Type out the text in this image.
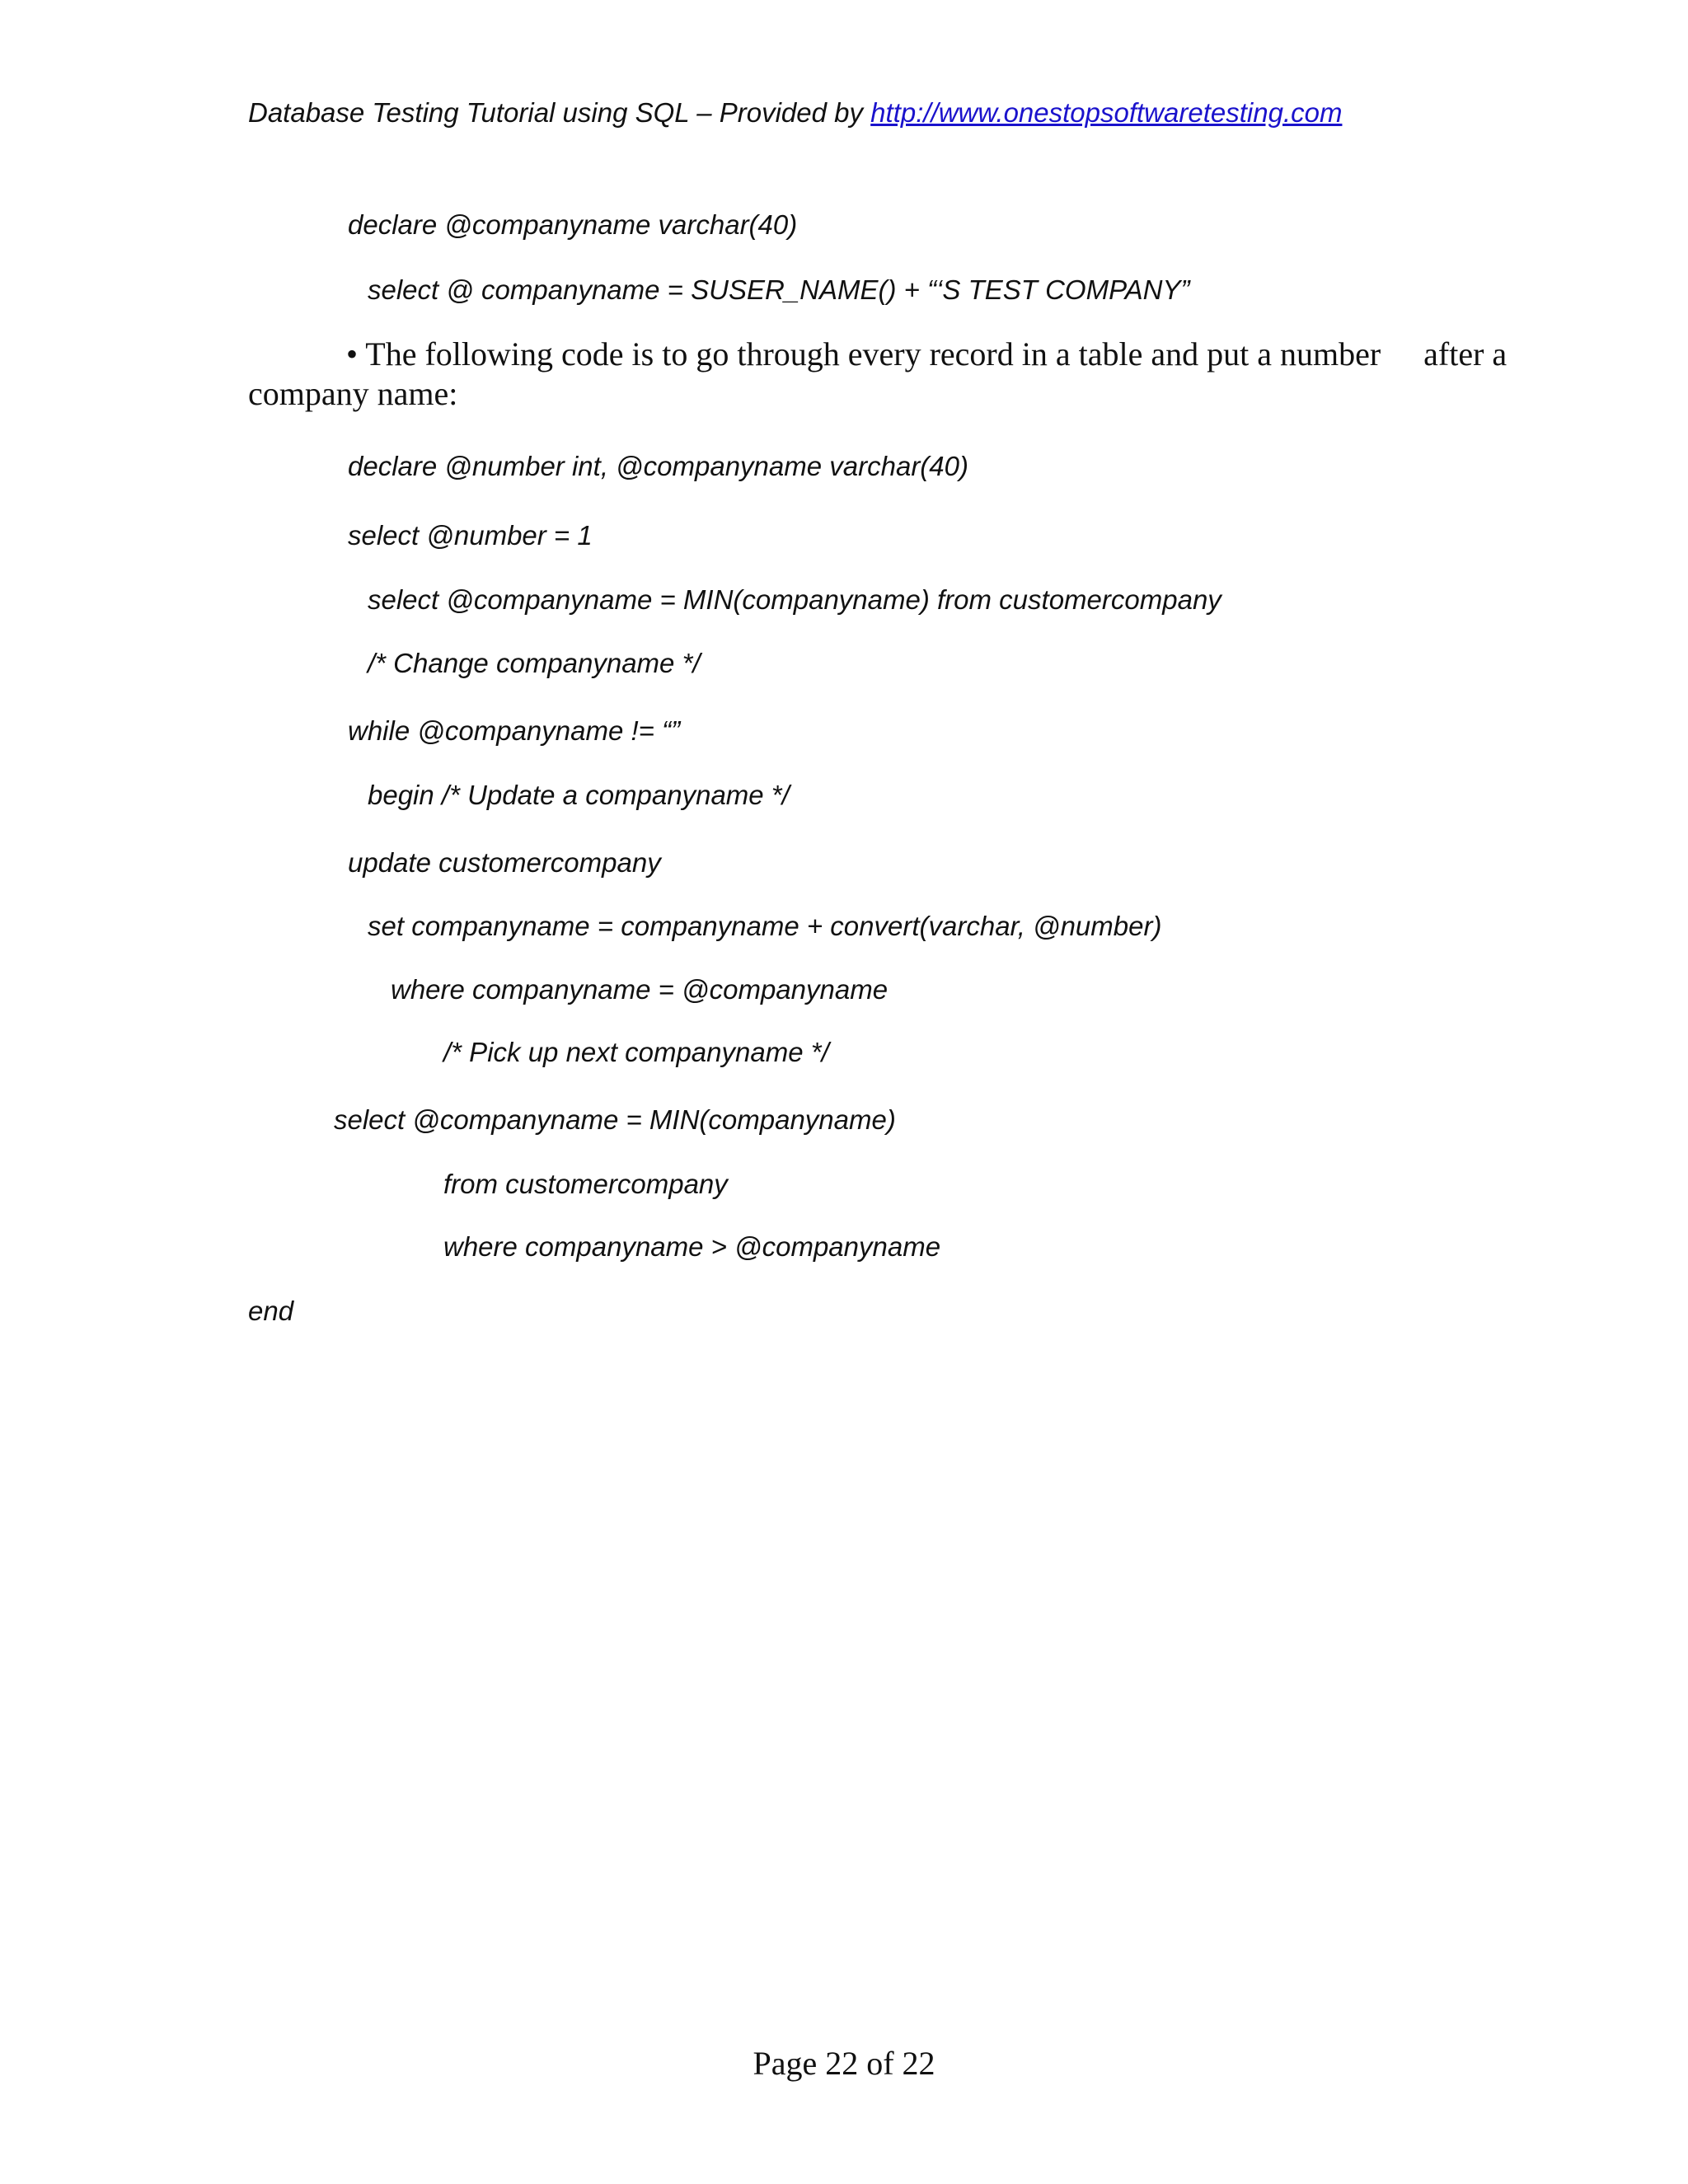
Database Testing Tutorial using SQL – Provided by http://www.onestopsoftwaretesting.com
declare @companyname varchar(40)
select @ companyname = SUSER_NAME() + “‘S TEST COMPANY”
• The following code is to go through every record in a table and put a number after a
company name:
declare @number int, @companyname varchar(40)
select @number = 1
select @companyname = MIN(companyname) from customercompany
/* Change companyname */
while @companyname != “”
begin /* Update a companyname */
update customercompany
set companyname = companyname + convert(varchar, @number)
where companyname = @companyname
/* Pick up next companyname */
select @companyname = MIN(companyname)
from customercompany
where companyname > @companyname
end
Page 22 of 22
